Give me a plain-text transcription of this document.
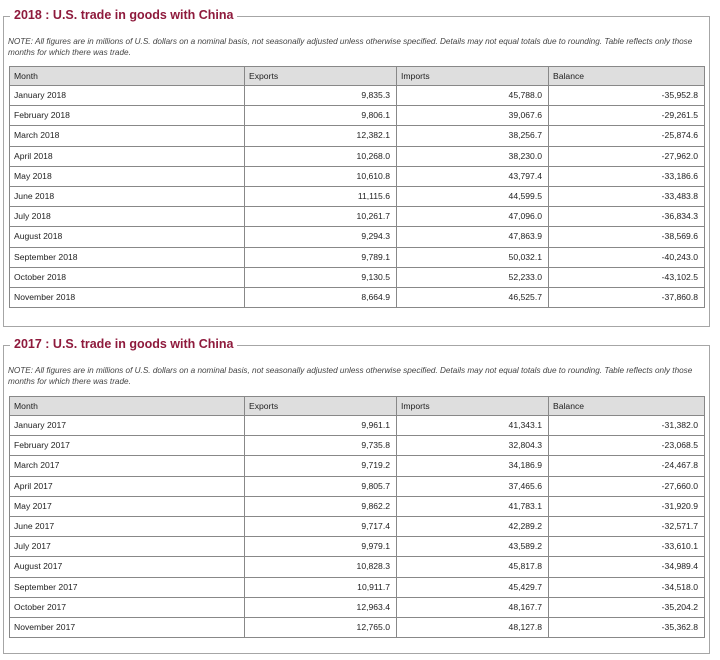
2018 : U.S. trade in goods with China
NOTE: All figures are in millions of U.S. dollars on a nominal basis, not seasonally adjusted unless otherwise specified. Details may not equal totals due to rounding. Table reflects only those months for which there was trade.
Month	Exports	Imports	Balance
January 2018	9,835.3	45,788.0	-35,952.8
February 2018	9,806.1	39,067.6	-29,261.5
March 2018	12,382.1	38,256.7	-25,874.6
April 2018	10,268.0	38,230.0	-27,962.0
May 2018	10,610.8	43,797.4	-33,186.6
June 2018	11,115.6	44,599.5	-33,483.8
July 2018	10,261.7	47,096.0	-36,834.3
August 2018	9,294.3	47,863.9	-38,569.6
September 2018	9,789.1	50,032.1	-40,243.0
October 2018	9,130.5	52,233.0	-43,102.5
November 2018	8,664.9	46,525.7	-37,860.8
2017 : U.S. trade in goods with China
NOTE: All figures are in millions of U.S. dollars on a nominal basis, not seasonally adjusted unless otherwise specified. Details may not equal totals due to rounding. Table reflects only those months for which there was trade.
Month	Exports	Imports	Balance
January 2017	9,961.1	41,343.1	-31,382.0
February 2017	9,735.8	32,804.3	-23,068.5
March 2017	9,719.2	34,186.9	-24,467.8
April 2017	9,805.7	37,465.6	-27,660.0
May 2017	9,862.2	41,783.1	-31,920.9
June 2017	9,717.4	42,289.2	-32,571.7
July 2017	9,979.1	43,589.2	-33,610.1
August 2017	10,828.3	45,817.8	-34,989.4
September 2017	10,911.7	45,429.7	-34,518.0
October 2017	12,963.4	48,167.7	-35,204.2
November 2017	12,765.0	48,127.8	-35,362.8
